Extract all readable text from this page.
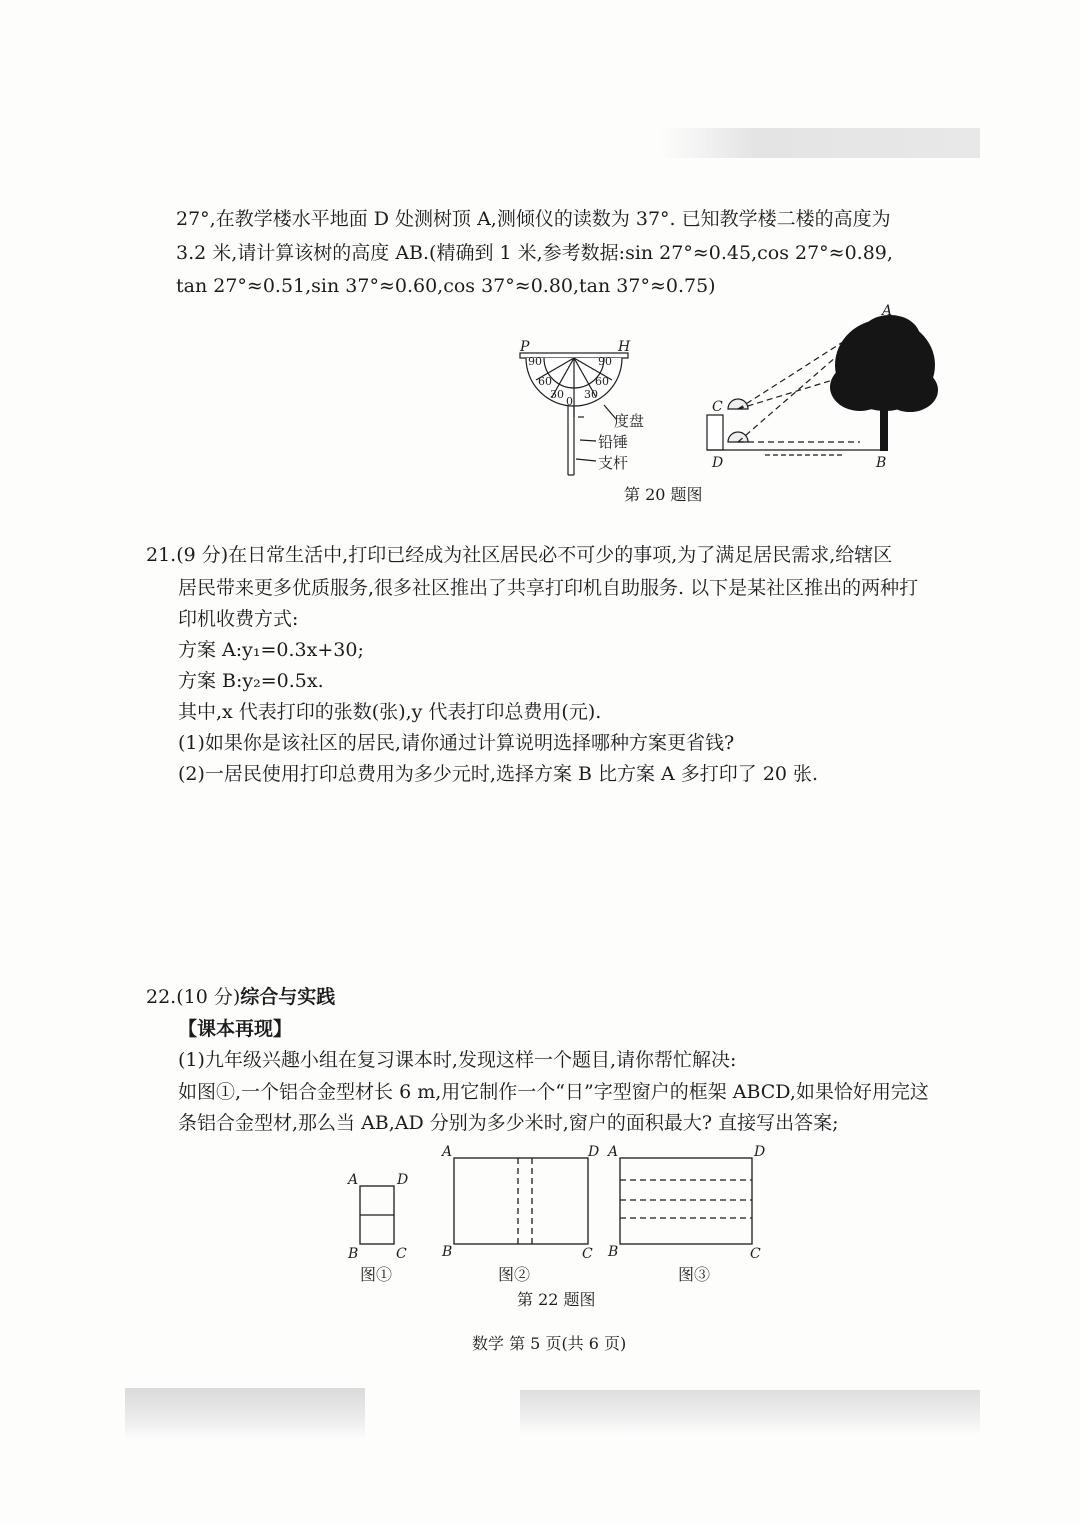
27°,在教学楼水平地面 D 处测树顶 A,测倾仪的读数为 37°. 已知教学楼二楼的高度为

3.2 米,请计算该树的高度 AB.(精确到 1 米,参考数据:sin 27°≈0.45,cos 27°≈0.89,

tan 27°≈0.51,sin 37°≈0.60,cos 37°≈0.80,tan 37°≈0.75)

P	H
90	90
60	60
30 30
0
度盘
铅锤
支杆
A
B
C
D

第 20 题图

21.(9 分)在日常生活中,打印已经成为社区居民必不可少的事项,为了满足居民需求,给辖区

居民带来更多优质服务,很多社区推出了共享打印机自助服务. 以下是某社区推出的两种打

印机收费方式:

方案 A:y₁=0.3x+30;

方案 B:y₂=0.5x.

其中,x 代表打印的张数(张),y 代表打印总费用(元).

(1)如果你是该社区的居民,请你通过计算说明选择哪种方案更省钱?

(2)一居民使用打印总费用为多少元时,选择方案 B 比方案 A 多打印了 20 张.

22.(10 分)综合与实践

【课本再现】

(1)九年级兴趣小组在复习课本时,发现这样一个题目,请你帮忙解决:

如图①,一个铝合金型材长 6 m,用它制作一个“日”字型窗户的框架 ABCD,如果恰好用完这

条铝合金型材,那么当 AB,AD 分别为多少米时,窗户的面积最大? 直接写出答案;

A	D
B	C
图①
A	D
B	C
图②
A	D
B	C
图③

第 22 题图

数学 第 5 页(共 6 页)
